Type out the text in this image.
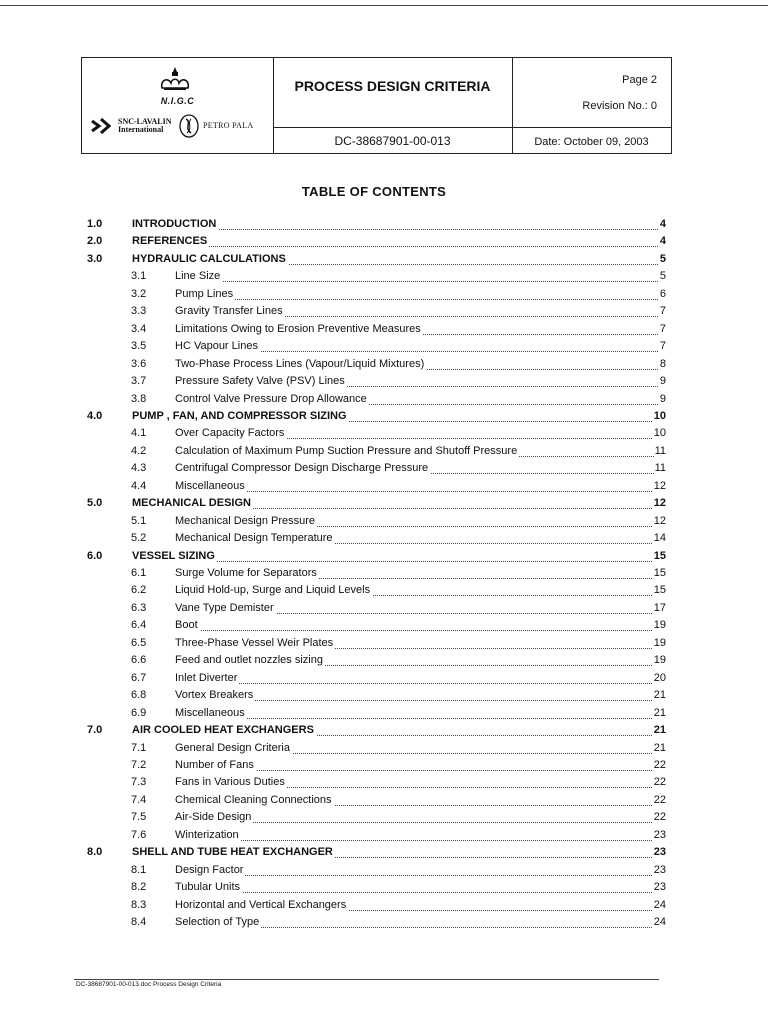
N.I.G.C
SNC-LAVALIN
International	PETRO PALA
PROCESS DESIGN CRITERIA
DC-38687901-00-013
Page 2
Revision No.: 0
Date: October 09, 2003
TABLE OF CONTENTS
1.0	INTRODUCTION	4
2.0	REFERENCES	4
3.0	HYDRAULIC CALCULATIONS	5
3.1	Line Size	5
3.2	Pump Lines	6
3.3	Gravity Transfer Lines	7
3.4	Limitations Owing to Erosion Preventive Measures	7
3.5	HC Vapour Lines	7
3.6	Two-Phase Process Lines (Vapour/Liquid Mixtures)	8
3.7	Pressure Safety Valve (PSV) Lines	9
3.8	Control Valve Pressure Drop Allowance	9
4.0	PUMP , FAN, AND COMPRESSOR SIZING	10
4.1	Over Capacity Factors	10
4.2	Calculation of Maximum Pump Suction Pressure and Shutoff Pressure	11
4.3	Centrifugal Compressor Design Discharge Pressure	11
4.4	Miscellaneous	12
5.0	MECHANICAL DESIGN	12
5.1	Mechanical Design Pressure	12
5.2	Mechanical Design Temperature	14
6.0	VESSEL SIZING	15
6.1	Surge Volume for Separators	15
6.2	Liquid Hold-up, Surge and Liquid Levels	15
6.3	Vane Type Demister	17
6.4	Boot	19
6.5	Three-Phase Vessel Weir Plates	19
6.6	Feed and outlet nozzles sizing	19
6.7	Inlet Diverter	20
6.8	Vortex Breakers	21
6.9	Miscellaneous	21
7.0	AIR COOLED HEAT EXCHANGERS	21
7.1	General Design Criteria	21
7.2	Number of Fans	22
7.3	Fans in Various Duties	22
7.4	Chemical Cleaning Connections	22
7.5	Air-Side Design	22
7.6	Winterization	23
8.0	SHELL AND TUBE HEAT EXCHANGER	23
8.1	Design Factor	23
8.2	Tubular Units	23
8.3	Horizontal and Vertical Exchangers	24
8.4	Selection of Type	24
DC-38687901-00-013.doc Process Design Criteria
